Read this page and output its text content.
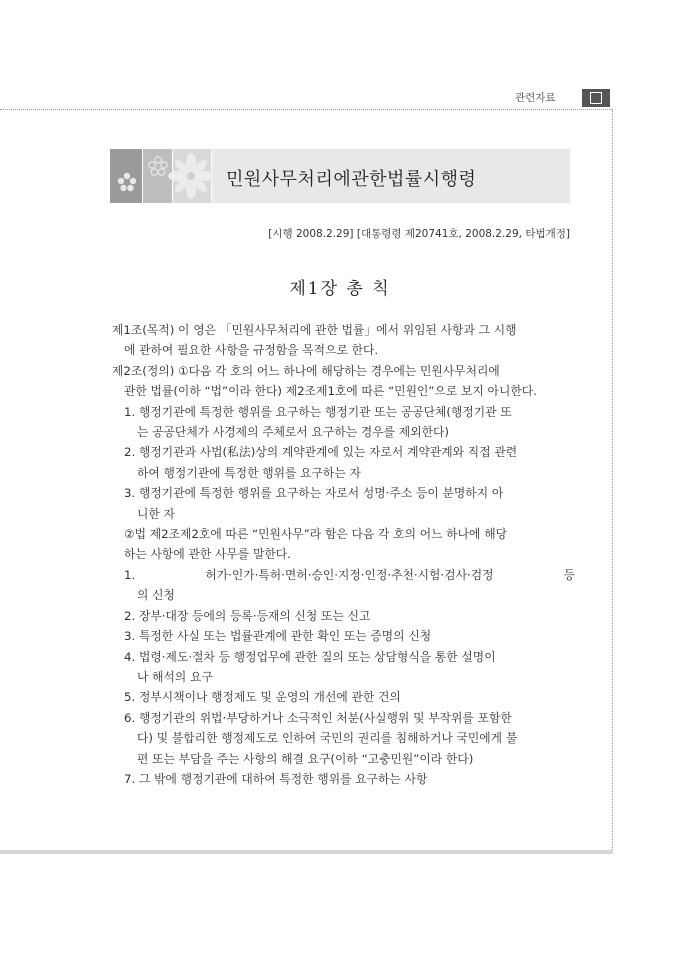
관련자료
민원사무처리에관한법률시행령
[시행 2008.2.29] [대통령령 제20741호, 2008.2.29, 타법개정]
제1장 총 칙

제1조(목적) 이 영은 「민원사무처리에 관한 법률」에서 위임된 사항과 그 시행

에 관하여 필요한 사항을 규정함을 목적으로 한다.

제2조(정의) ①다음 각 호의 어느 하나에 해당하는 경우에는 민원사무처리에

관한 법률(이하 “법”이라 한다) 제2조제1호에 따른 “민원인”으로 보지 아니한다.

1. 행정기관에 특정한 행위를 요구하는 행정기관 또는 공공단체(행정기관 또

는 공공단체가 사경제의 주체로서 요구하는 경우를 제외한다)

2. 행정기관과 사법(私法)상의 계약관계에 있는 자로서 계약관계와 직접 관련

하여 행정기관에 특정한 행위를 요구하는 자

3. 행정기관에 특정한 행위를 요구하는 자로서 성명·주소 등이 분명하지 아

니한 자

②법 제2조제2호에 따른 “민원사무”라 함은 다음 각 호의 어느 하나에 해당

하는 사항에 관한 사무를 말한다.

1.	허가·인가·특허·면허·승인·지정·인정·추천·시험·검사·검정	등

의 신청

2. 장부·대장 등에의 등록·등재의 신청 또는 신고

3. 특정한 사실 또는 법률관계에 관한 확인 또는 증명의 신청

4. 법령·제도·절차 등 행정업무에 관한 질의 또는 상담형식을 통한 설명이

나 해석의 요구

5. 정부시책이나 행정제도 및 운영의 개선에 관한 건의

6. 행정기관의 위법·부당하거나 소극적인 처분(사실행위 및 부작위를 포함한

다) 및 불합리한 행정제도로 인하여 국민의 권리를 침해하거나 국민에게 불

편 또는 부담을 주는 사항의 해결 요구(이하 “고충민원”이라 한다)

7. 그 밖에 행정기관에 대하여 특정한 행위를 요구하는 사항
